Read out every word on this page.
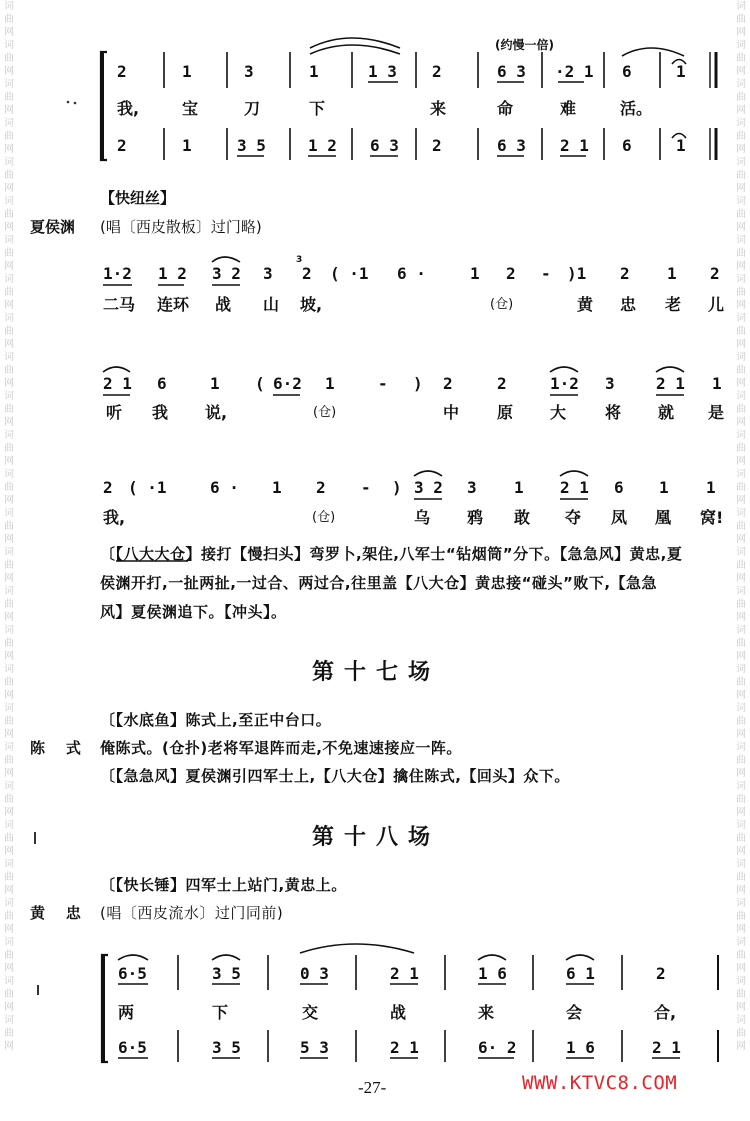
词
曲
网
词
曲
网
词
曲
网
词
曲
网
词
曲
网
词
曲
网
词
曲
网
词
曲
网
词
曲
网
词
曲
网
词
曲
网
词
曲
网
词
曲
网
词
曲
网
词
曲
网
词
曲
网
词
曲
网
词
曲
网
词
曲
网
词
曲
网
词
曲
网
词
曲
网
词
曲
网
词
曲
网
词
曲
网
词
曲
网
词
曲
网
词
曲
网
词
曲
网
词
曲
网
词
曲
网
词
曲
网
词
曲
网
词
曲
网
词
曲
网
词
曲
网
词
曲
网
词
曲
网
词
曲
网
词
曲
网
词
曲
网
词
曲
网
词
曲
网
词
曲
网
词
曲
网
词
曲
网
词
曲
网
词
曲
网
词
曲
网
词
曲
网
词
曲
网
词
曲
网
词
曲
网
词
曲
网
(约慢一倍)
2	1	3	1	1 3 2	6 3 ·2 1 6	1
我,	宝	刀	下	来	命	难	活。
2	1	3 5	1 2 6 3 2	6 3 2 1 6	1
【快纽丝】
夏侯渊 (唱〔西皮散板〕过门略)
1·2 1 2 3 2 3
3
2 ( ·1 6 ·	1 2 - )1 2 1 2
二马 连环 战 山 坡,	(仓)	黄 忠 老 儿
2 1 6	1 ( 6·2 1	- ) 2	2	1·2 3	2 1 1
听 我 说,	(仓)	中 原 大 将 就 是
2 ( ·1	6 · 1 2 - ) 3 2 3 1 2 1 6 1 1
我,	(仓)	乌 鸦 敢 夺 凤 凰 窝!
〔【八大大仓】接打【慢扫头】弯罗卜,架住,八军士“钻烟筒”分下。【急急风】黄忠,夏
侯渊开打,一扯两扯,一过合、两过合,往里盖【八大仓】黄忠接“碰头”败下,【急急
风】夏侯渊追下。【冲头】。
第十七场
〔【水底鱼】陈式上,至正中台口。
陈    式 俺陈式。(仓扑)老将军退阵而走,不免速速接应一阵。
〔【急急风】夏侯渊引四军士上,【八大仓】擒住陈式,【回头】众下。
第十八场
〔【快长锤】四军士上站门,黄忠上。
黄    忠 (唱〔西皮流水〕过门同前)
6·5	3 5	0 3	2 1	1 6	6 1	2
两	下	交	战	来	会	合,
6·5	3 5	5 3	2 1	6· 2	1 6	2 1
-27-	WWW.KTVC8.COM
